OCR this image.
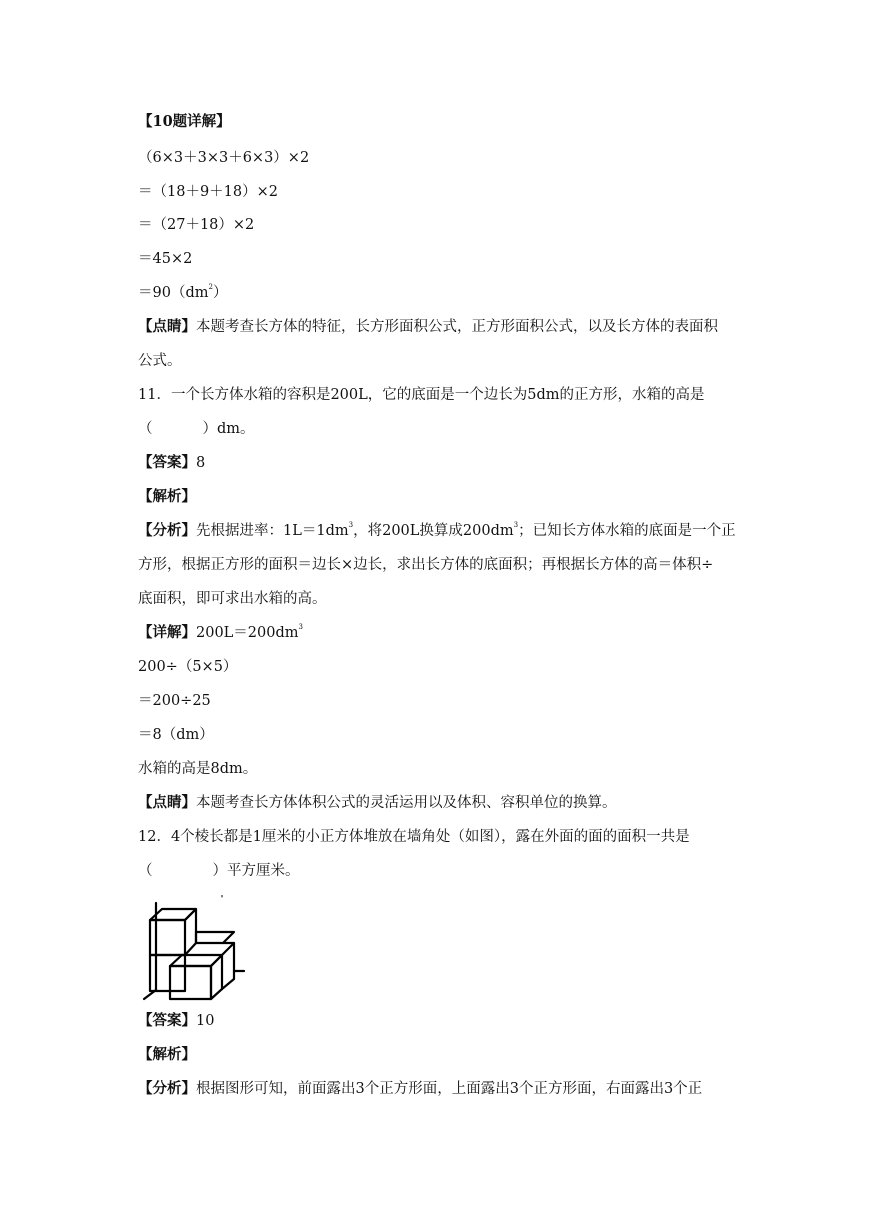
【10题详解】
（6×3＋3×3＋6×3）×2
＝（18＋9＋18）×2
＝（27＋18）×2
＝45×2
$=90(dm^2)$
【点睛】本题考查长方体的特征，长方形面积公式，正方形面积公式，以及长方体的表面积
公式。
11．一个长方体水箱的容积是200L，它的底面是一个边长为5dm的正方形，水箱的高是
（	）dm。
【答案】8
【解析】
【分析】先根据进率：$1L=1dm^3$，将200L换算成$200dm^3$；已知长方体水箱的底面是一个正
方形，根据正方形的面积＝边长×边长，求出长方体的底面积；再根据长方体的高＝体积÷
底面积，即可求出水箱的高。
【详解】$200L=200dm^3$
200÷（5×5）
＝200÷25
＝8（dm）
水箱的高是8dm。
【点睛】本题考查长方体体积公式的灵活运用以及体积、容积单位的换算。
12．4个棱长都是1厘米的小正方体堆放在墙角处（如图），露在外面的面的面积一共是
（	）平方厘米。
【答案】10
【解析】
【分析】根据图形可知，前面露出3个正方形面，上面露出3个正方形面，右面露出3个正
